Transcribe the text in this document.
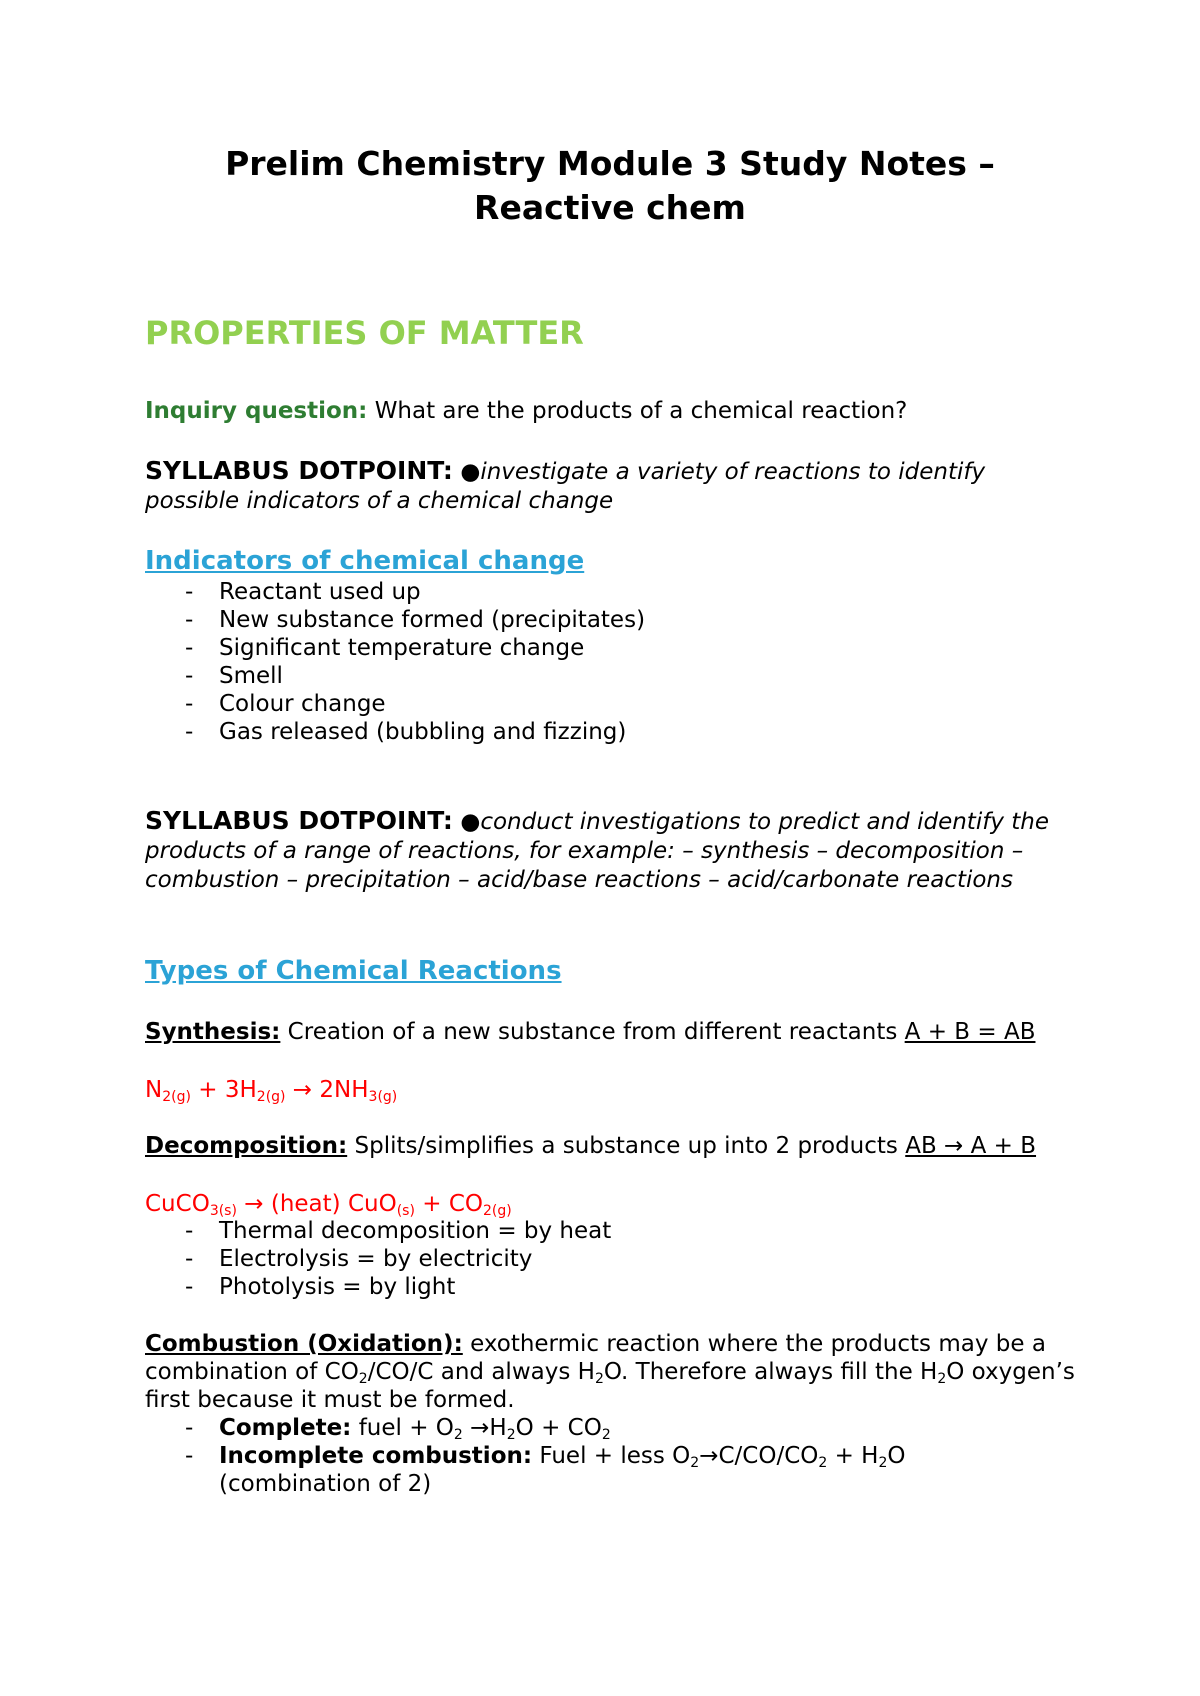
Prelim Chemistry Module 3 Study Notes – Reactive chem
PROPERTIES OF MATTER
Inquiry question: What are the products of a chemical reaction?
SYLLABUS DOTPOINT: ●investigate a variety of reactions to identify possible indicators of a chemical change
Indicators of chemical change
- Reactant used up
- New substance formed (precipitates)
- Significant temperature change
- Smell
- Colour change
- Gas released (bubbling and fizzing)
SYLLABUS DOTPOINT: ●conduct investigations to predict and identify the products of a range of reactions, for example: – synthesis – decomposition – combustion – precipitation – acid/base reactions – acid/carbonate reactions
Types of Chemical Reactions
Synthesis: Creation of a new substance from different reactants A + B = AB
$N_{2(g)} + 3H_{2(g)} \to 2NH_{3(g)}$
Decomposition: Splits/simplifies a substance up into 2 products AB → A + B
CuCO$_{3(s)}$ → (heat) $CuO_{(s)} + CO_{2(g)}$
- Thermal decomposition = by heat
- Electrolysis = by electricity
- Photolysis = by light
Combustion (Oxidation): exothermic reaction where the products may be a combination of $CO_2/CO/C$ and always $H_2O$. Therefore always fill the $H_2O$ oxygen’s first because it must be formed.
- Complete: fuel + $O_2 \to H_2O + CO_2$
- Incomplete combustion: Fuel + less $O_2\to C/CO/CO_2 + H_2O$
(combination of 2)
